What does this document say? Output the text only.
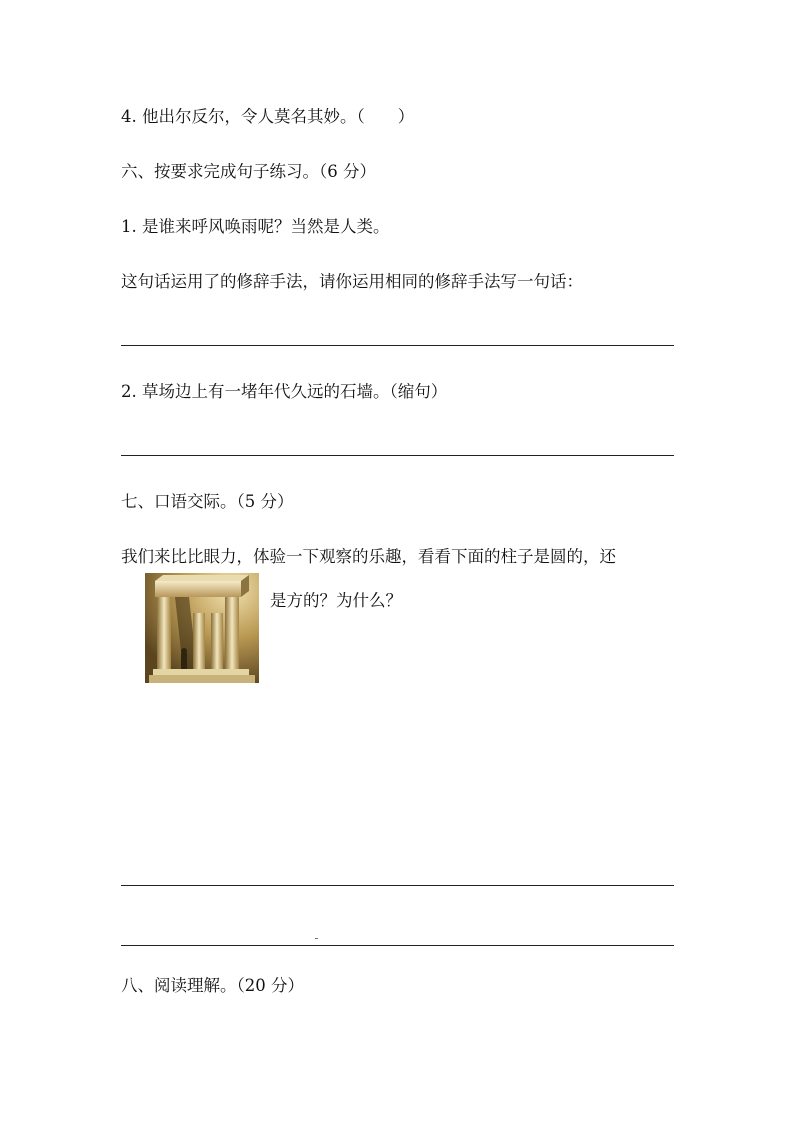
4. 他出尔反尔，令人莫名其妙。（　　）
六、按要求完成句子练习。（6 分）
1. 是谁来呼风唤雨呢？当然是人类。
这句话运用了的修辞手法，请你运用相同的修辞手法写一句话：
2. 草场边上有一堵年代久远的石墙。（缩句）
七、口语交际。（5 分）
我们来比比眼力，体验一下观察的乐趣，看看下面的柱子是圆的，还
是方的？为什么？
八、阅读理解。（20 分）
